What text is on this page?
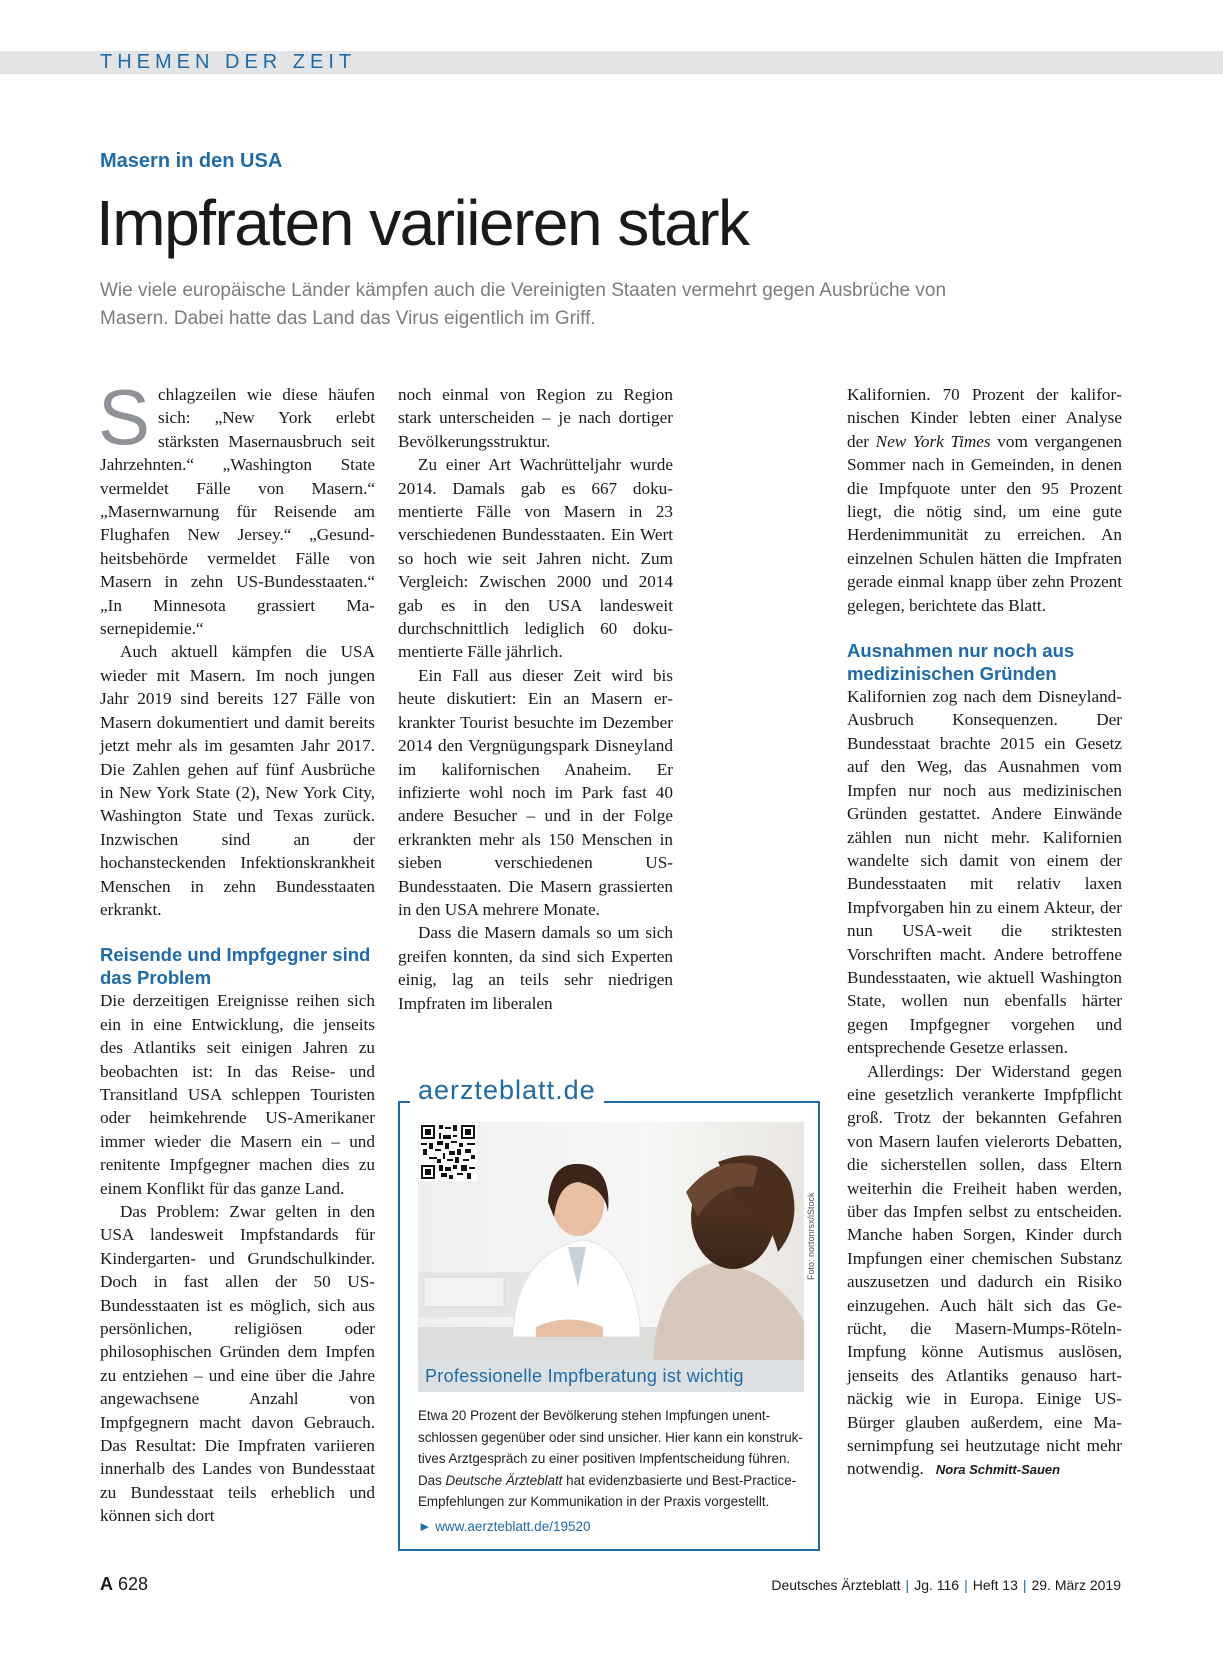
THEMEN DER ZEIT
Masern in den USA
Impfraten variieren stark
Wie viele europäische Länder kämpfen auch die Vereinigten Staaten vermehrt gegen Ausbrüche von Masern. Dabei hatte das Land das Virus eigentlich im Griff.

Schlagzeilen wie diese häufen sich: „New York erlebt stärksten Masernausbruch seit Jahrzehnten.“ „Washington State vermeldet Fälle von Masern.“ „Masernwarnung für Reisende am Flughafen New Jersey.“ „Gesundheitsbehörde vermeldet Fälle von Masern in zehn US-Bundesstaaten.“ „In Minnesota grassiert Masernepidemie.“

Auch aktuell kämpfen die USA wieder mit Masern. Im noch jungen Jahr 2019 sind bereits 127 Fälle von Masern dokumentiert und damit bereits jetzt mehr als im gesamten Jahr 2017. Die Zahlen gehen auf fünf Ausbrüche in New York State (2), New York City, Washington State und Texas zurück. Inzwischen sind an der hochansteckenden Infektionskrankheit Menschen in zehn Bundesstaaten erkrankt.

Reisende und Impfgegner sind das Problem

Die derzeitigen Ereignisse reihen sich ein in eine Entwicklung, die jenseits des Atlantiks seit einigen Jahren zu beobachten ist: In das Reise- und Transitland USA schleppen Touristen oder heimkehrende US-Amerikaner immer wieder die Masern ein – und renitente Impfgegner machen dies zu einem Konflikt für das ganze Land.

Das Problem: Zwar gelten in den USA landesweit Impfstandards für Kindergarten- und Grundschulkinder. Doch in fast allen der 50 US-Bundesstaaten ist es möglich, sich aus persönlichen, religiösen oder philosophischen Gründen dem Impfen zu entziehen – und eine über die Jahre angewachsene Anzahl von Impfgegnern macht davon Gebrauch. Das Resultat: Die Impfraten variieren innerhalb des Landes von Bundesstaat zu Bundesstaat teils erheblich und können sich dort

noch einmal von Region zu Region stark unterscheiden – je nach dortiger Bevölkerungsstruktur.

Zu einer Art Wachrütteljahr wurde 2014. Damals gab es 667 dokumentierte Fälle von Masern in 23 verschiedenen Bundesstaaten. Ein Wert so hoch wie seit Jahren nicht. Zum Vergleich: Zwischen 2000 und 2014 gab es in den USA landesweit durchschnittlich lediglich 60 dokumentierte Fälle jährlich.

Ein Fall aus dieser Zeit wird bis heute diskutiert: Ein an Masern erkrankter Tourist besuchte im Dezember 2014 den Vergnügungspark Disneyland im kalifornischen Anaheim. Er infizierte wohl noch im Park fast 40 andere Besucher – und in der Folge erkrankten mehr als 150 Menschen in sieben verschiedenen US-Bundesstaaten. Die Masern grassierten in den USA mehrere Monate.

Dass die Masern damals so um sich greifen konnten, da sind sich Experten einig, lag an teils sehr niedrigen Impfraten im liberalen

Kalifornien. 70 Prozent der kalifornischen Kinder lebten einer Analyse der New York Times vom vergangenen Sommer nach in Gemeinden, in denen die Impfquote unter den 95 Prozent liegt, die nötig sind, um eine gute Herdenimmunität zu erreichen. An einzelnen Schulen hätten die Impfraten gerade einmal knapp über zehn Prozent gelegen, berichtete das Blatt.

Ausnahmen nur noch aus medizinischen Gründen

Kalifornien zog nach dem Disneyland-Ausbruch Konsequenzen. Der Bundesstaat brachte 2015 ein Gesetz auf den Weg, das Ausnahmen vom Impfen nur noch aus medizinischen Gründen gestattet. Andere Einwände zählen nun nicht mehr. Kalifornien wandelte sich damit von einem der Bundesstaaten mit relativ laxen Impfvorgaben hin zu einem Akteur, der nun USA-weit die striktesten Vorschriften macht. Andere betroffene Bundesstaaten, wie aktuell Washington State, wollen nun ebenfalls härter gegen Impfgegner vorgehen und entsprechende Gesetze erlassen.

Allerdings: Der Widerstand gegen eine gesetzlich verankerte Impfpflicht groß. Trotz der bekannten Gefahren von Masern laufen vielerorts Debatten, die sicherstellen sollen, dass Eltern weiterhin die Freiheit haben werden, über das Impfen selbst zu entscheiden. Manche haben Sorgen, Kinder durch Impfungen einer chemischen Substanz auszusetzen und dadurch ein Risiko einzugehen. Auch hält sich das Gerücht, die Masern-Mumps-Röteln-Impfung könne Autismus auslösen, jenseits des Atlantiks genauso hartnäckig wie in Europa. Einige US-Bürger glauben außerdem, eine Masernimpfung sei heutzutage nicht mehr notwendig. Nora Schmitt-Sauen

aerzteblatt.de
Foto: nortonrsx/iStock
Professionelle Impfberatung ist wichtig
Etwa 20 Prozent der Bevölkerung stehen Impfungen unentschlossen gegenüber oder sind unsicher. Hier kann ein konstruktives Arztgespräch zu einer positiven Impfentscheidung führen. Das Deutsche Ärzteblatt hat evidenzbasierte und Best-Practice-Empfehlungen zur Kommunikation in der Praxis vorgestellt.
► www.aerzteblatt.de/19520
A 628	Deutsches Ärzteblatt | Jg. 116 | Heft 13 | 29. März 2019
